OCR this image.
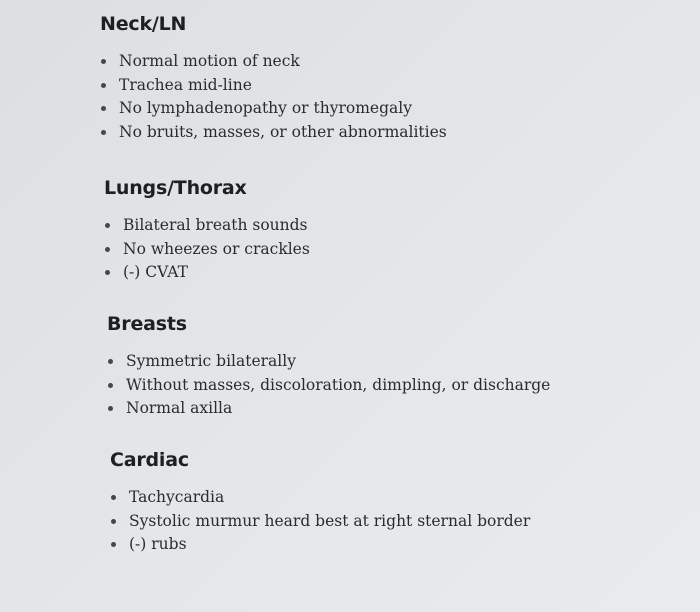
Neck/LN
Normal motion of neck
Trachea mid-line
No lymphadenopathy or thyromegaly
No bruits, masses, or other abnormalities
Lungs/Thorax
Bilateral breath sounds
No wheezes or crackles
(-) CVAT
Breasts
Symmetric bilaterally
Without masses, discoloration, dimpling, or discharge
Normal axilla
Cardiac
Tachycardia
Systolic murmur heard best at right sternal border
(-) rubs
